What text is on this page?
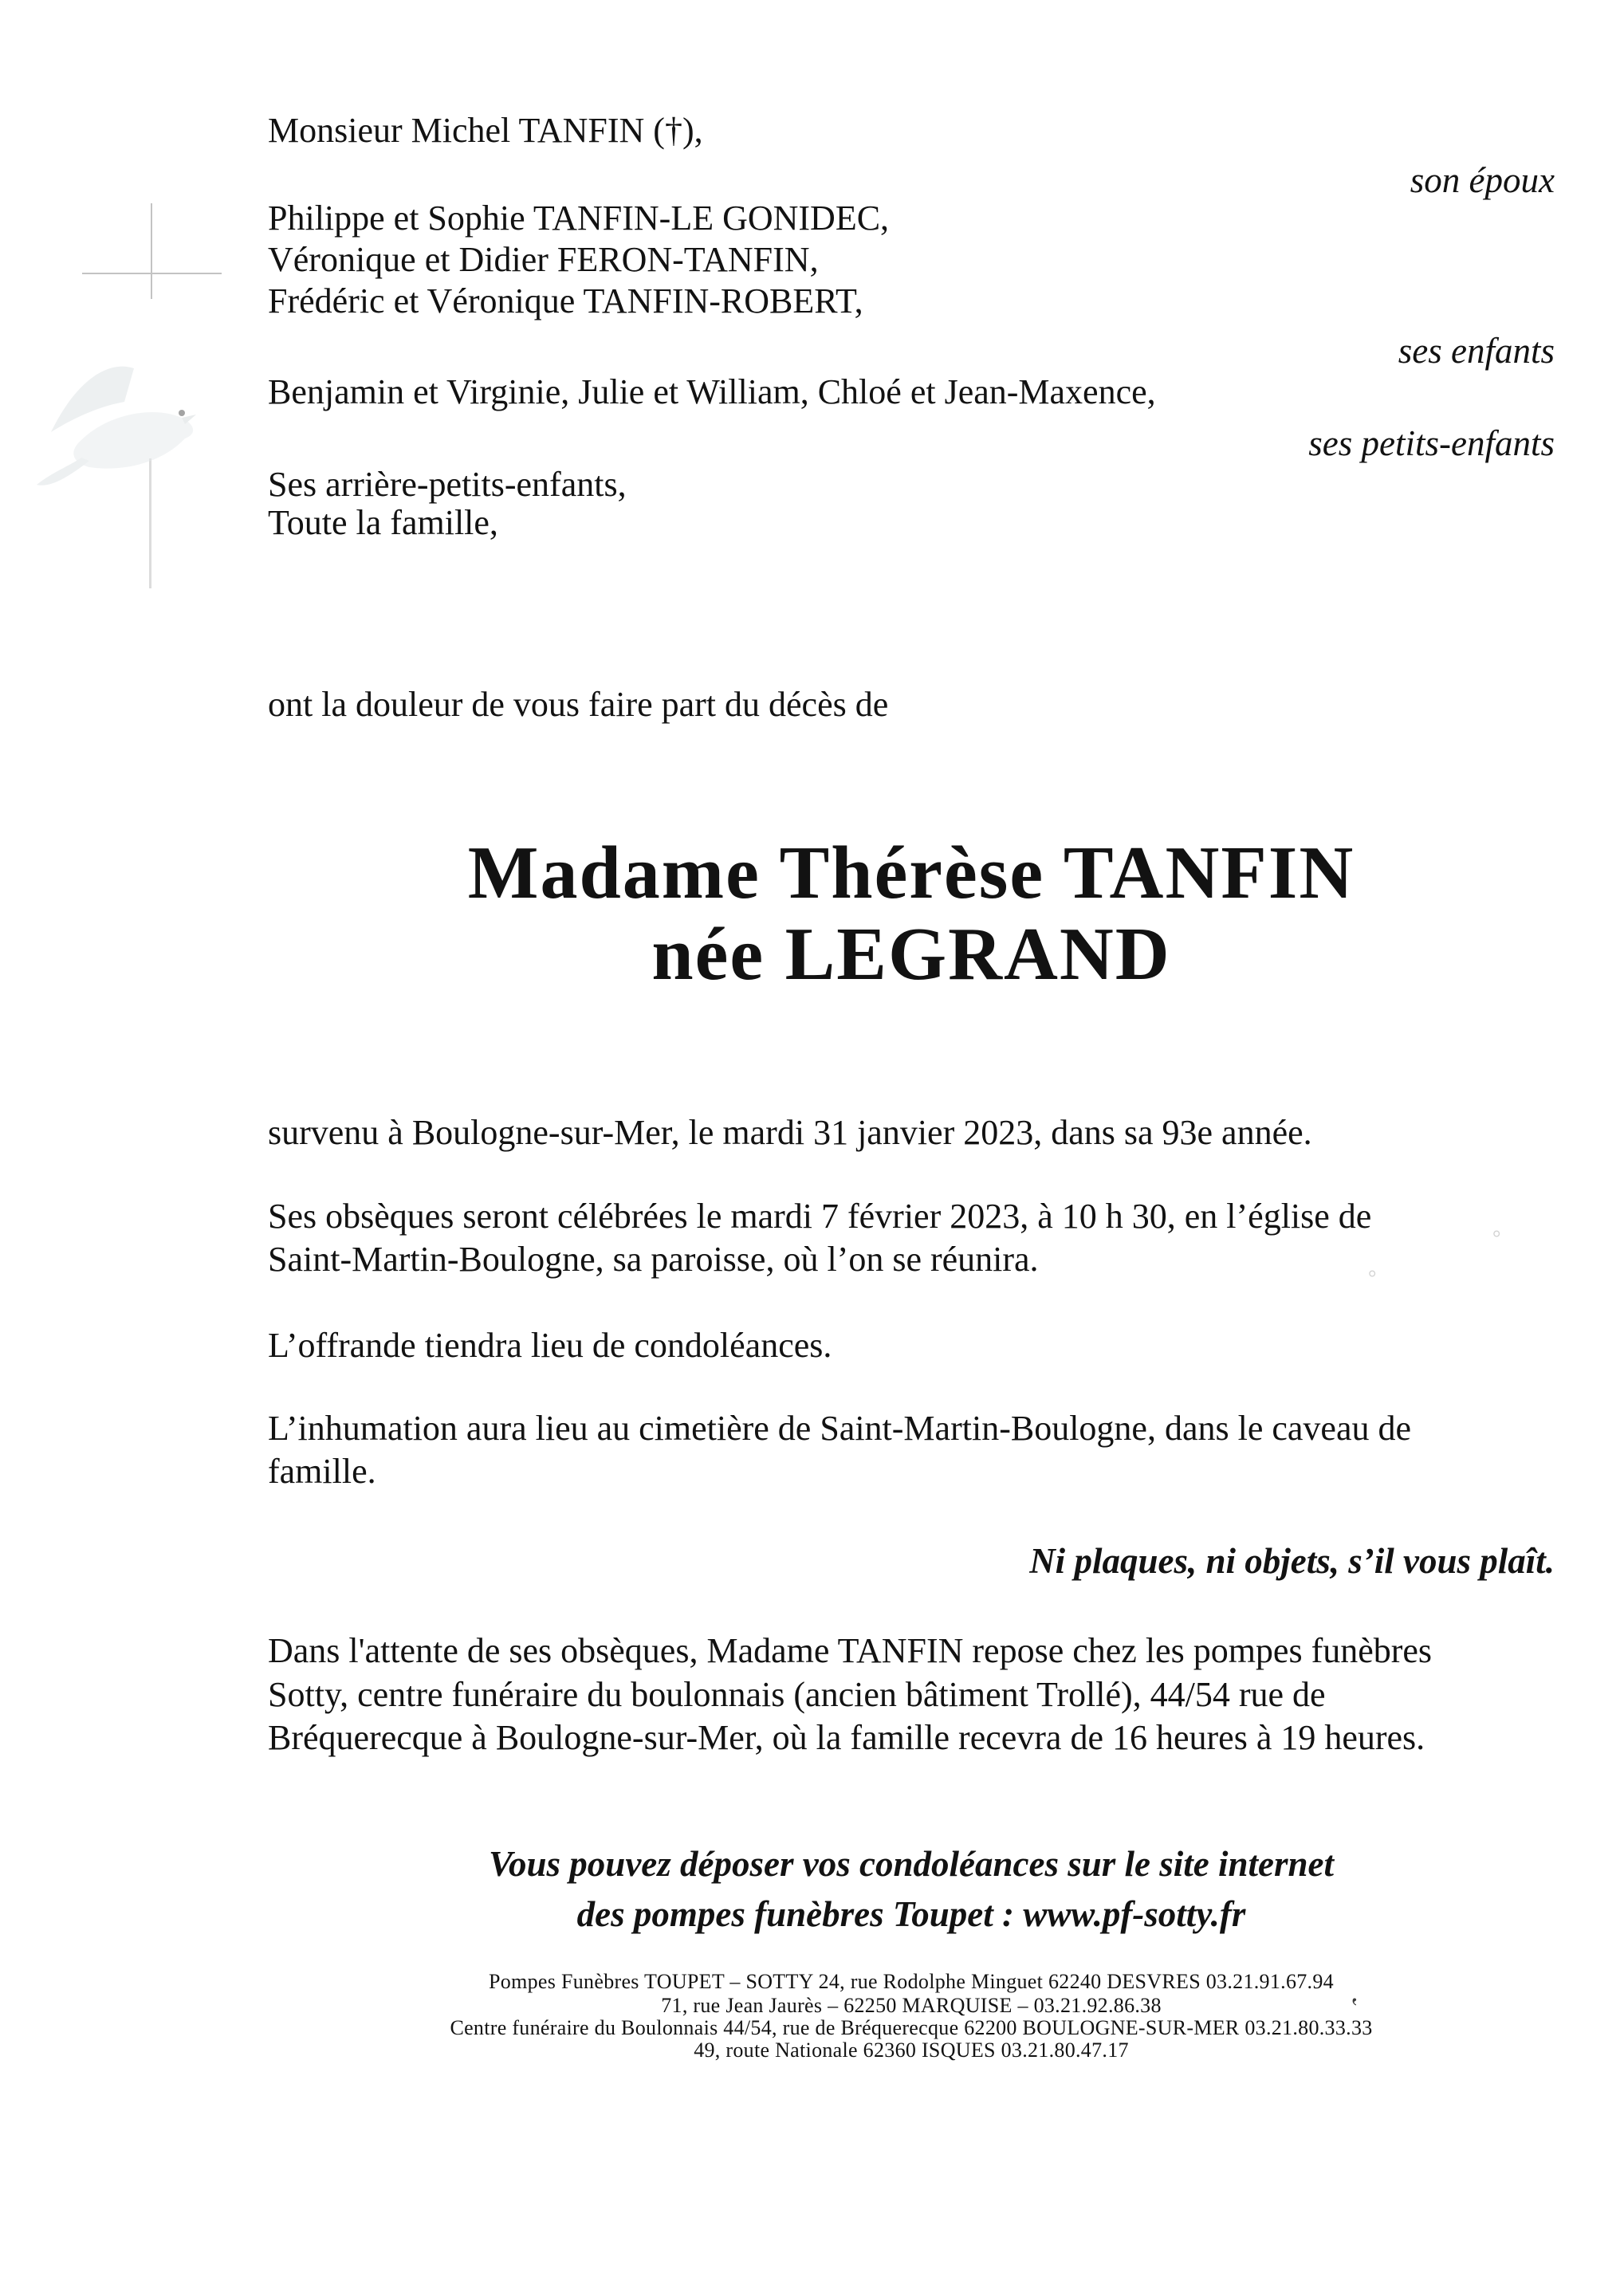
°
°
‛
Monsieur Michel TANFIN (†),
son époux
Philippe et Sophie TANFIN-LE GONIDEC,
Véronique et Didier FERON-TANFIN,
Frédéric et Véronique TANFIN-ROBERT,
ses enfants
Benjamin et Virginie, Julie et William, Chloé et Jean-Maxence,
ses petits-enfants
Ses arrière-petits-enfants,
Toute la famille,
ont la douleur de vous faire part du décès de
Madame Thérèse TANFIN
née LEGRAND
survenu à Boulogne-sur-Mer, le mardi 31 janvier 2023, dans sa 93e année.
Ses obsèques seront célébrées le mardi 7 février 2023, à 10 h 30, en l’église de
Saint-Martin-Boulogne, sa paroisse, où l’on se réunira.
L’offrande tiendra lieu de condoléances.
L’inhumation aura lieu au cimetière de Saint-Martin-Boulogne, dans le caveau de
famille.
Ni plaques, ni objets, s’il vous plaît.
Dans l'attente de ses obsèques, Madame TANFIN repose chez les pompes funèbres
Sotty, centre funéraire du boulonnais (ancien bâtiment Trollé), 44/54 rue de
Bréquerecque à Boulogne-sur-Mer, où la famille recevra de 16 heures à 19 heures.
Vous pouvez déposer vos condoléances sur le site internet
des pompes funèbres Toupet : www.pf-sotty.fr
Pompes Funèbres TOUPET – SOTTY 24, rue Rodolphe Minguet 62240 DESVRES 03.21.91.67.94
71, rue Jean Jaurès – 62250 MARQUISE – 03.21.92.86.38
Centre funéraire du Boulonnais 44/54, rue de Bréquerecque 62200 BOULOGNE-SUR-MER 03.21.80.33.33
49, route Nationale 62360 ISQUES 03.21.80.47.17
